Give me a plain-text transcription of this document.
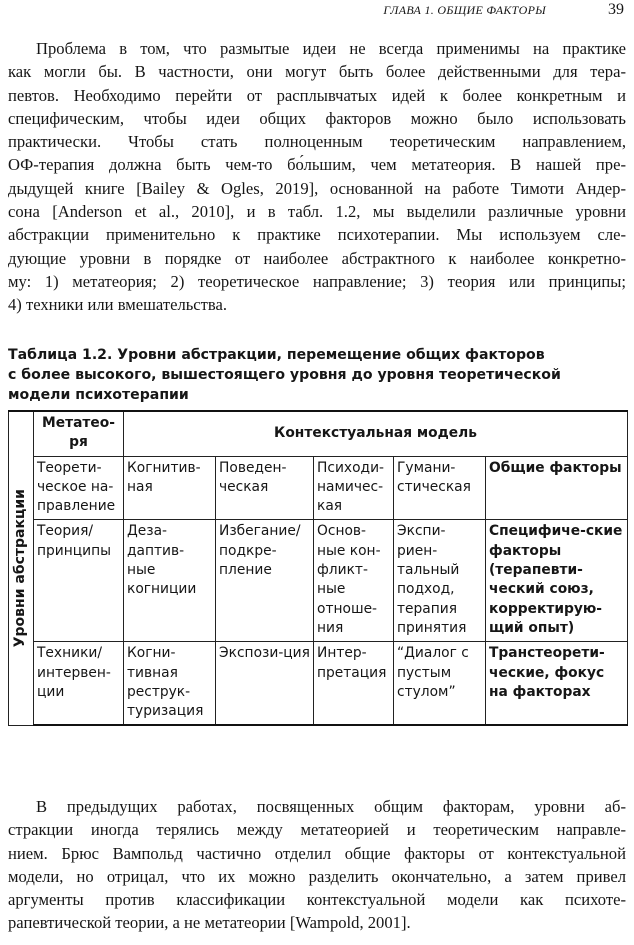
ГЛАВА 1. ОБЩИЕ ФАКТОРЫ	39

Проблема в том, что размытые идеи не всегда применимы на практике
как могли бы. В частности, они могут быть более действенными для тера-
певтов. Необходимо перейти от расплывчатых идей к более конкретным и
специфическим, чтобы идеи общих факторов можно было использовать
практически. Чтобы стать полноценным теоретическим направлением,
ОФ-терапия должна быть чем-то бо́льшим, чем метатеория. В нашей пре-
дыдущей книге [Bailey & Ogles, 2019], основанной на работе Тимоти Андер-
сона [Anderson et al., 2010], и в табл. 1.2, мы выделили различные уровни
абстракции применительно к практике психотерапии. Мы используем сле-
дующие уровни в порядке от наиболее абстрактного к наиболее конкретно-
му: 1) метатеория; 2) теоретическое направление; 3) теория или принципы;
4) техники или вмешательства.

Таблица 1.2. Уровни абстракции, перемещение общих факторов
с более высокого, вышестоящего уровня до уровня теоретической
модели психотерапии
Уровни абстракции	Метатео-ря	Контекстуальная модель				
	Теорети-ческое на-правление	Когнитив-ная	Поведен-ческая	Психоди-намичес-кая	Гумани-стическая	Общие факторы
	Теория/ принципы	Деза-даптив-ные когниции	Избегание/ подкре-пление	Основ-ные кон-фликт-ные отноше-ния	Экспи-риен-тальный подход, терапия принятия	Специфиче-ские факторы (терапевти-ческий союз, корректирую-щий опыт)
	Техники/ интервен-ции	Когни-тивная реструк-туризация	Экспози-ция	Интер-претация	“Диалог с пустым стулом”	Транстеорети-ческие, фокус на факторах

В предыдущих работах, посвященных общим факторам, уровни аб-
стракции иногда терялись между метатеорией и теоретическим направле-
нием. Брюс Вампольд частично отделил общие факторы от контекстуальной
модели, но отрицал, что их можно разделить окончательно, а затем привел
аргументы против классификации контекстуальной модели как психоте-
рапевтической теории, а не метатеории [Wampold, 2001].
